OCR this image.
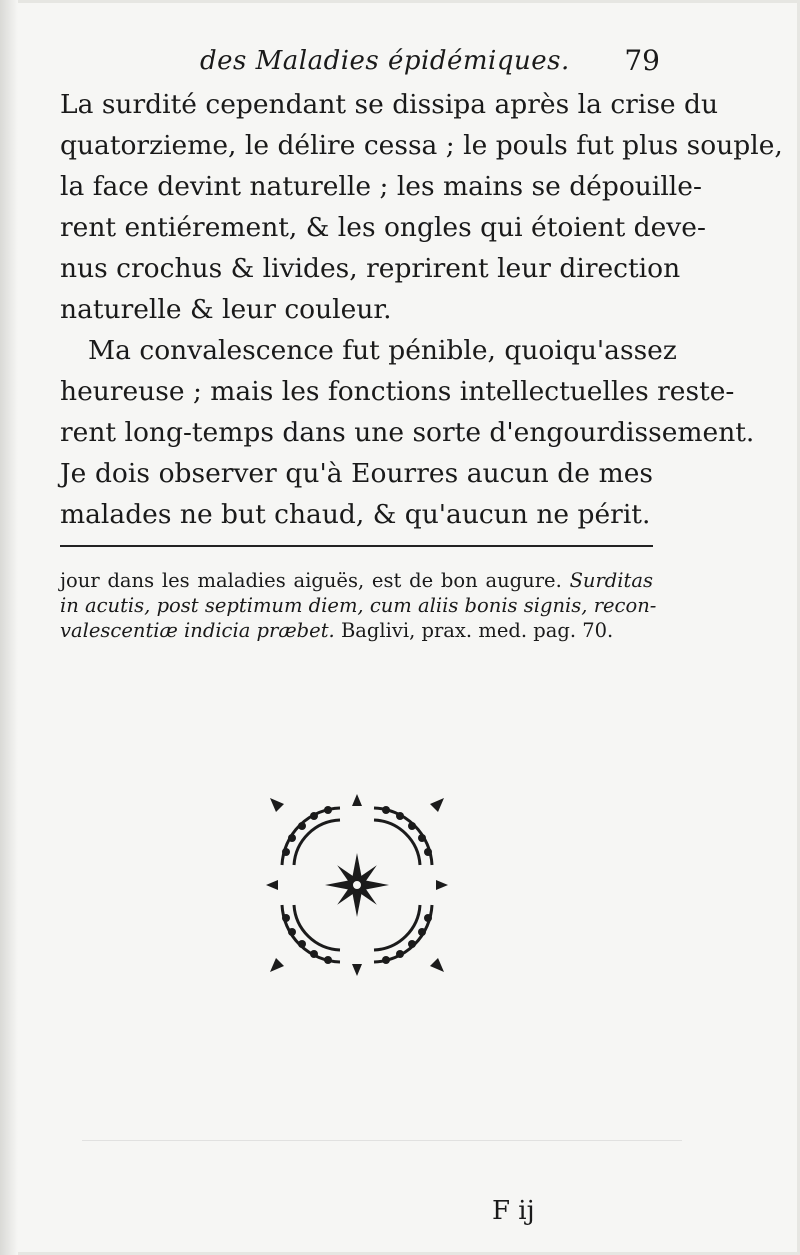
des Maladies épidémiques. 79

La surdité cependant se dissipa après la crise du
quatorzieme, le délire cessa ; le pouls fut plus souple,
la face devint naturelle ; les mains se dépouille-
rent entiérement, & les ongles qui étoient deve-
nus crochus & livides, reprirent leur direction
naturelle & leur couleur.

Ma convalescence fut pénible, quoiqu'assez
heureuse ; mais les fonctions intellectuelles reste-
rent long-temps dans une sorte d'engourdissement.
Je dois observer qu'à Eourres aucun de mes
malades ne but chaud, & qu'aucun ne périt.

jour dans les maladies aiguës, est de bon augure. Surditas
in acutis, post septimum diem, cum aliis bonis signis, recon-
valescentiæ indicia præbet. Baglivi, prax. med. pag. 70.
F ij
